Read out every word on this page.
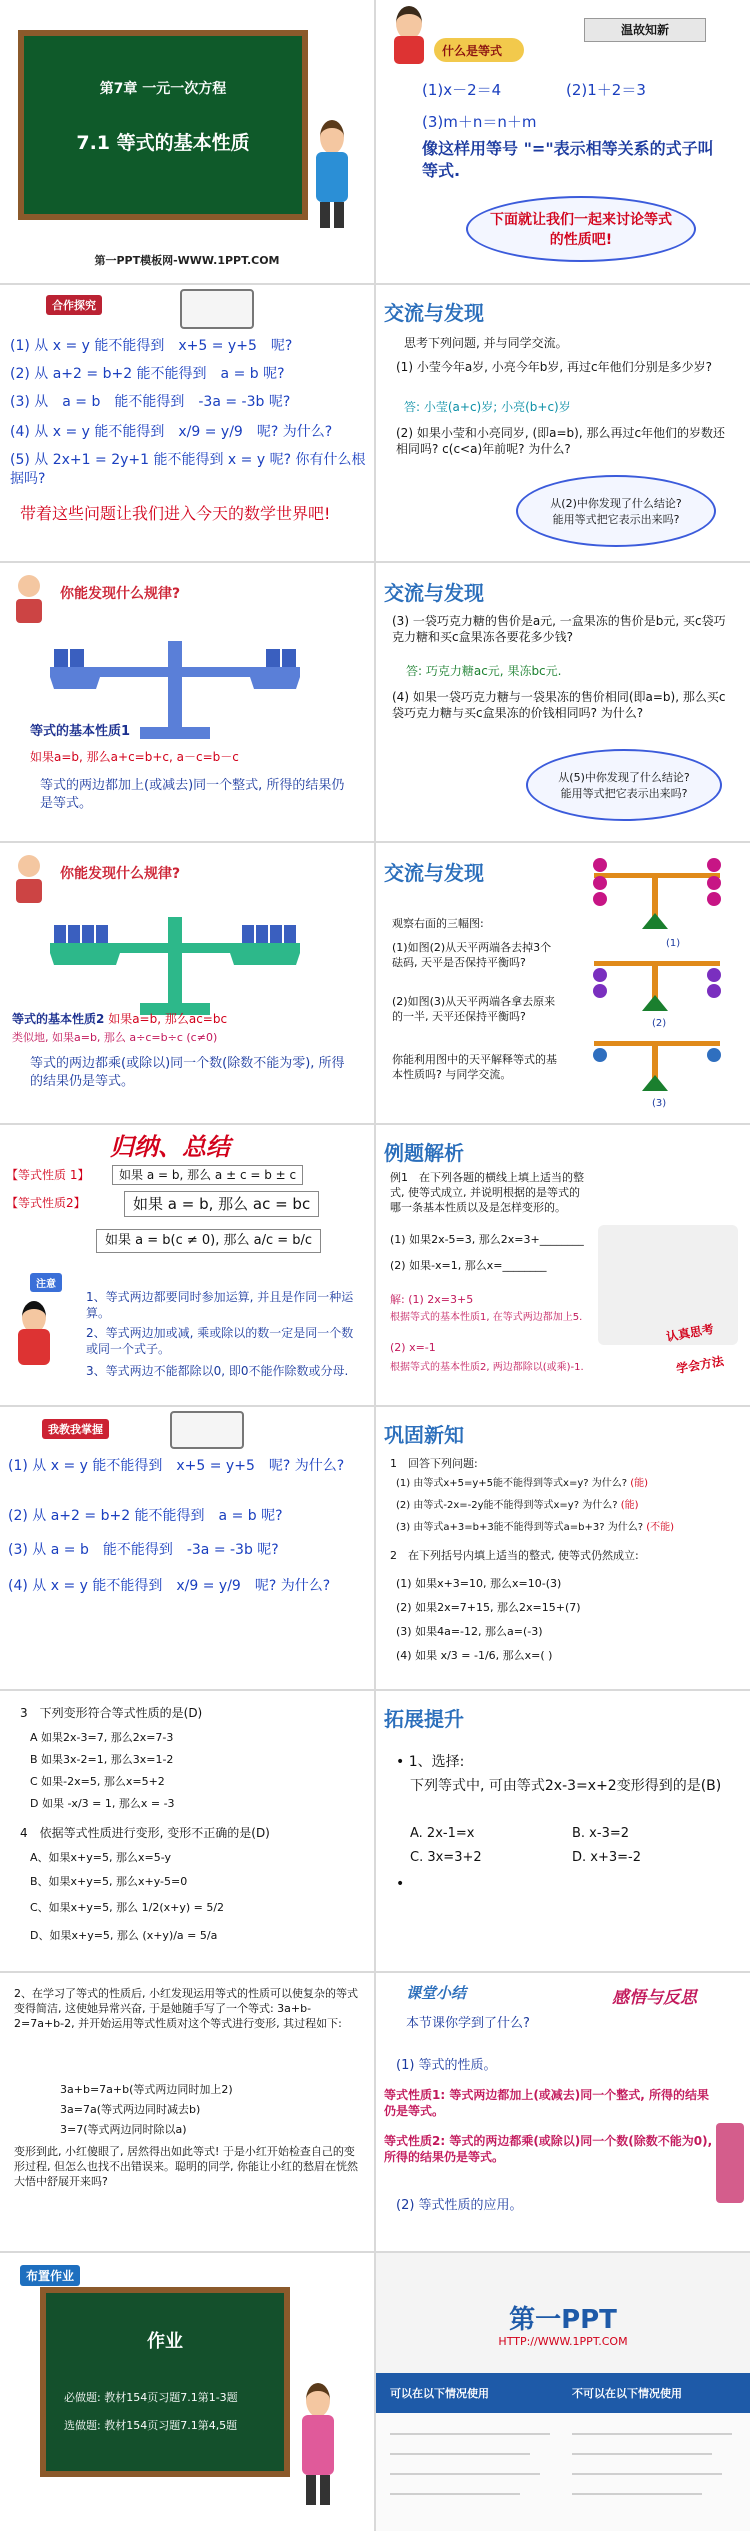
第7章 一元一次方程
7.1 等式的基本性质
第一PPT模板网-WWW.1PPT.COM
什么是等式
温故知新
(1)x－2＝4	(2)1＋2＝3
(3)m＋n＝n＋m
像这样用等号 "="表示相等关系的式子叫等式.
下面就让我们一起来讨论等式的性质吧!
合作探究
(1) 从 x = y 能不能得到　x+5 = y+5　呢?
(2) 从 a+2 = b+2 能不能得到　a = b 呢?
(3) 从　a = b　能不能得到　-3a = -3b 呢?
(4) 从 x = y 能不能得到　x/9 = y/9　呢? 为什么?
(5) 从 2x+1 = 2y+1 能不能得到 x = y 呢? 你有什么根据吗?
带着这些问题让我们进入今天的数学世界吧!
交流与发现
思考下列问题, 并与同学交流。
(1) 小莹今年a岁, 小亮今年b岁, 再过c年他们分别是多少岁?
答: 小莹(a+c)岁; 小亮(b+c)岁
(2) 如果小莹和小亮同岁, (即a=b), 那么再过c年他们的岁数还相同吗? c(c<a)年前呢? 为什么?
从(2)中你发现了什么结论? 能用等式把它表示出来吗?
你能发现什么规律?
等式的基本性质1
如果a=b, 那么a+c=b+c, a－c=b－c
等式的两边都加上(或减去)同一个整式, 所得的结果仍是等式。
交流与发现
(3) 一袋巧克力糖的售价是a元, 一盒果冻的售价是b元, 买c袋巧克力糖和买c盒果冻各要花多少钱?
答: 巧克力糖ac元, 果冻bc元.
(4) 如果一袋巧克力糖与一袋果冻的售价相同(即a=b), 那么买c袋巧克力糖与买c盒果冻的价钱相同吗? 为什么?
从(5)中你发现了什么结论? 能用等式把它表示出来吗?
你能发现什么规律?
等式的基本性质2 如果a=b, 那么ac=bc
类似地, 如果a=b, 那么 a÷c=b÷c (c≠0)
等式的两边都乘(或除以)同一个数(除数不能为零), 所得的结果仍是等式。
交流与发现
观察右面的三幅图:
(1)如图(2)从天平两端各去掉3个砝码, 天平是否保持平衡吗?
(2)如图(3)从天平两端各拿去原来的一半, 天平还保持平衡吗?
你能利用图中的天平解释等式的基本性质吗? 与同学交流。
(1)
(2)
(3)
归纳、总结
【等式性质 1】	如果 a = b, 那么 a ± c = b ± c
【等式性质2】	如果 a = b, 那么 ac = bc
如果 a = b(c ≠ 0), 那么 a/c = b/c
注意
1、等式两边都要同时参加运算, 并且是作同一种运算。
2、等式两边加或减, 乘或除以的数一定是同一个数或同一个式子。
3、等式两边不能都除以0, 即0不能作除数或分母.
例题解析
例1　在下列各题的横线上填上适当的整式, 使等式成立, 并说明根据的是等式的哪一条基本性质以及是怎样变形的。
(1) 如果2x-5=3, 那么2x=3+________
(2) 如果-x=1, 那么x=________
解: (1) 2x=3+5
根据等式的基本性质1, 在等式两边都加上5.
(2) x=-1
根据等式的基本性质2, 两边都除以(或乘)-1.
认真思考
学会方法
我教我掌握
(1) 从 x = y 能不能得到　x+5 = y+5　呢? 为什么?
(2) 从 a+2 = b+2 能不能得到　a = b 呢?
(3) 从 a = b　能不能得到　-3a = -3b 呢?
(4) 从 x = y 能不能得到　x/9 = y/9　呢? 为什么?
巩固新知
1　回答下列问题:
(1) 由等式x+5=y+5能不能得到等式x=y? 为什么? (能)
(2) 由等式-2x=-2y能不能得到等式x=y? 为什么? (能)
(3) 由等式a+3=b+3能不能得到等式a=b+3? 为什么? (不能)
2　在下列括号内填上适当的整式, 使等式仍然成立:
(1) 如果x+3=10, 那么x=10-(3)
(2) 如果2x=7+15, 那么2x=15+(7)
(3) 如果4a=-12, 那么a=(-3)
(4) 如果 x/3 = -1/6, 那么x=( )
3　下列变形符合等式性质的是(D)
A 如果2x-3=7, 那么2x=7-3
B 如果3x-2=1, 那么3x=1-2
C 如果-2x=5, 那么x=5+2
D 如果 -x/3 = 1, 那么x = -3
4　依据等式性质进行变形, 变形不正确的是(D)
A、如果x+y=5, 那么x=5-y
B、如果x+y=5, 那么x+y-5=0
C、如果x+y=5, 那么 1/2(x+y) = 5/2
D、如果x+y=5, 那么 (x+y)/a = 5/a
拓展提升
• 1、选择:
下列等式中, 可由等式2x-3=x+2变形得到的是(B)
A. 2x-1=x	B. x-3=2
C. 3x=3+2	D. x+3=-2
•
2、在学习了等式的性质后, 小红发现运用等式的性质可以使复杂的等式变得简洁, 这使她异常兴奋, 于是她随手写了一个等式: 3a+b-2=7a+b-2, 并开始运用等式性质对这个等式进行变形, 其过程如下:
3a+b=7a+b(等式两边同时加上2)
3a=7a(等式两边同时减去b)
3=7(等式两边同时除以a)
变形到此, 小红傻眼了, 居然得出如此等式! 于是小红开始检查自己的变形过程, 但怎么也找不出错误来。聪明的同学, 你能让小红的愁眉在恍然大悟中舒展开来吗?
课堂小结	感悟与反思
本节课你学到了什么?
(1) 等式的性质。
等式性质1: 等式两边都加上(或减去)同一个整式, 所得的结果仍是等式。
等式性质2: 等式的两边都乘(或除以)同一个数(除数不能为0), 所得的结果仍是等式。
(2) 等式性质的应用。
布置作业
作业
必做题: 教材154页习题7.1第1-3题
选做题: 教材154页习题7.1第4,5题
第一PPT
HTTP://WWW.1PPT.COM
可以在以下情况使用	不可以在以下情况使用
